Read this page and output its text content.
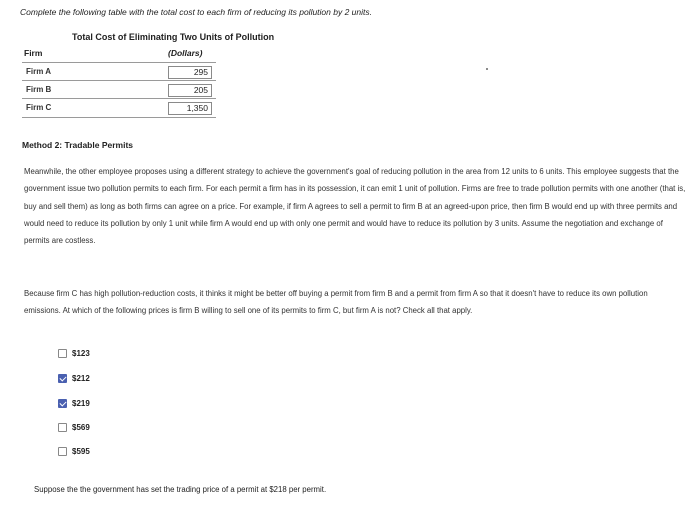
Complete the following table with the total cost to each firm of reducing its pollution by 2 units.
Total Cost of Eliminating Two Units of Pollution
Firm	(Dollars)
Firm A	295
Firm B	205
Firm C	1,350
Method 2: Tradable Permits
Meanwhile, the other employee proposes using a different strategy to achieve the government's goal of reducing pollution in the area from 12 units to 6 units. This employee suggests that the government issue two pollution permits to each firm. For each permit a firm has in its possession, it can emit 1 unit of pollution. Firms are free to trade pollution permits with one another (that is, buy and sell them) as long as both firms can agree on a price. For example, if firm A agrees to sell a permit to firm B at an agreed-upon price, then firm B would end up with three permits and would need to reduce its pollution by only 1 unit while firm A would end up with only one permit and would have to reduce its pollution by 3 units. Assume the negotiation and exchange of permits are costless.
Because firm C has high pollution-reduction costs, it thinks it might be better off buying a permit from firm B and a permit from firm A so that it doesn't have to reduce its own pollution emissions. At which of the following prices is firm B willing to sell one of its permits to firm C, but firm A is not? Check all that apply.
$123
$212
$219
$569
$595
Suppose the the government has set the trading price of a permit at $218 per permit.
